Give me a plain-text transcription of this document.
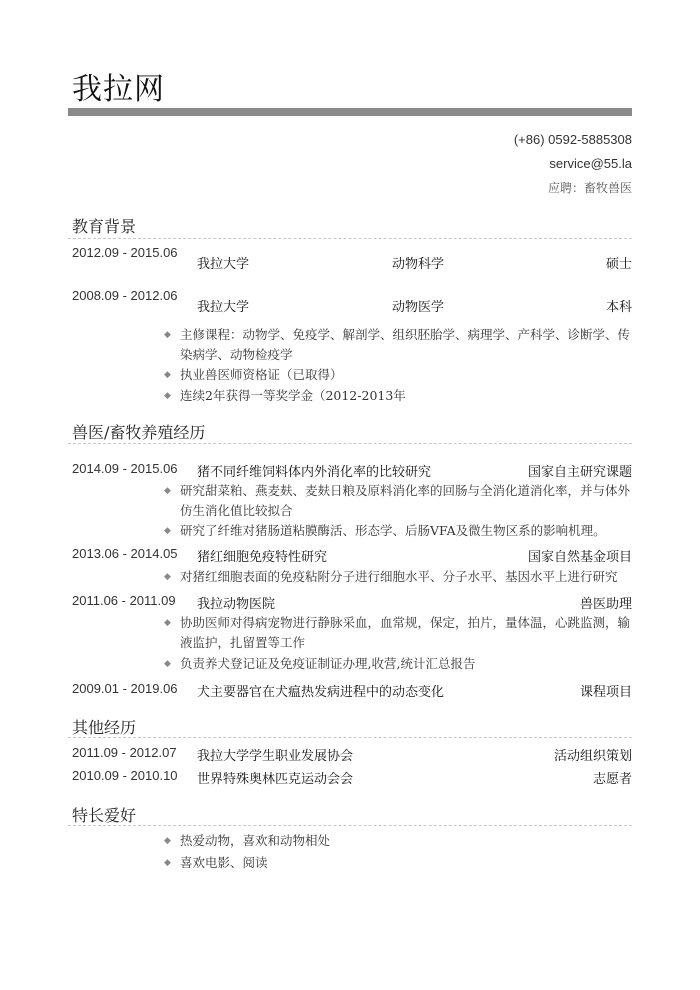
我拉网
(+86) 0592-5885308
service@55.la
应聘：畜牧兽医
教育背景
2012.09 - 2015.06
我拉大学	动物科学	硕士
2008.09 - 2012.06
我拉大学	动物医学	本科
◆ 主修课程：动物学、免疫学、解剖学、组织胚胎学、病理学、产科学、诊断学、传染病学、动物检疫学
◆ 执业兽医师资格证（已取得）
◆ 连续2年获得一等奖学金（2012-2013年
兽医/畜牧养殖经历
2014.09 - 2015.06 猪不同纤维饲料体内外消化率的比较研究	国家自主研究课题
◆ 研究甜菜粕、燕麦麸、麦麸日粮及原料消化率的回肠与全消化道消化率，并与体外仿生消化值比较拟合
◆ 研究了纤维对猪肠道粘膜酶活、形态学、后肠VFA及微生物区系的影响机理。
2013.06 - 2014.05 猪红细胞免疫特性研究	国家自然基金项目
◆ 对猪红细胞表面的免疫粘附分子进行细胞水平、分子水平、基因水平上进行研究
2011.06 - 2011.09 我拉动物医院	兽医助理
◆ 协助医师对得病宠物进行静脉采血，血常规，保定，拍片，量体温，心跳监测，输液监护，扎留置等工作
◆ 负责养犬登记证及免疫证制证办理,收营,统计汇总报告
2009.01 - 2019.06 犬主要器官在犬瘟热发病进程中的动态变化	课程项目
其他经历
2011.09 - 2012.07 我拉大学学生职业发展协会	活动组织策划
2010.09 - 2010.10 世界特殊奥林匹克运动会会	志愿者
特长爱好
◆ 热爱动物，喜欢和动物相处
◆ 喜欢电影、阅读
